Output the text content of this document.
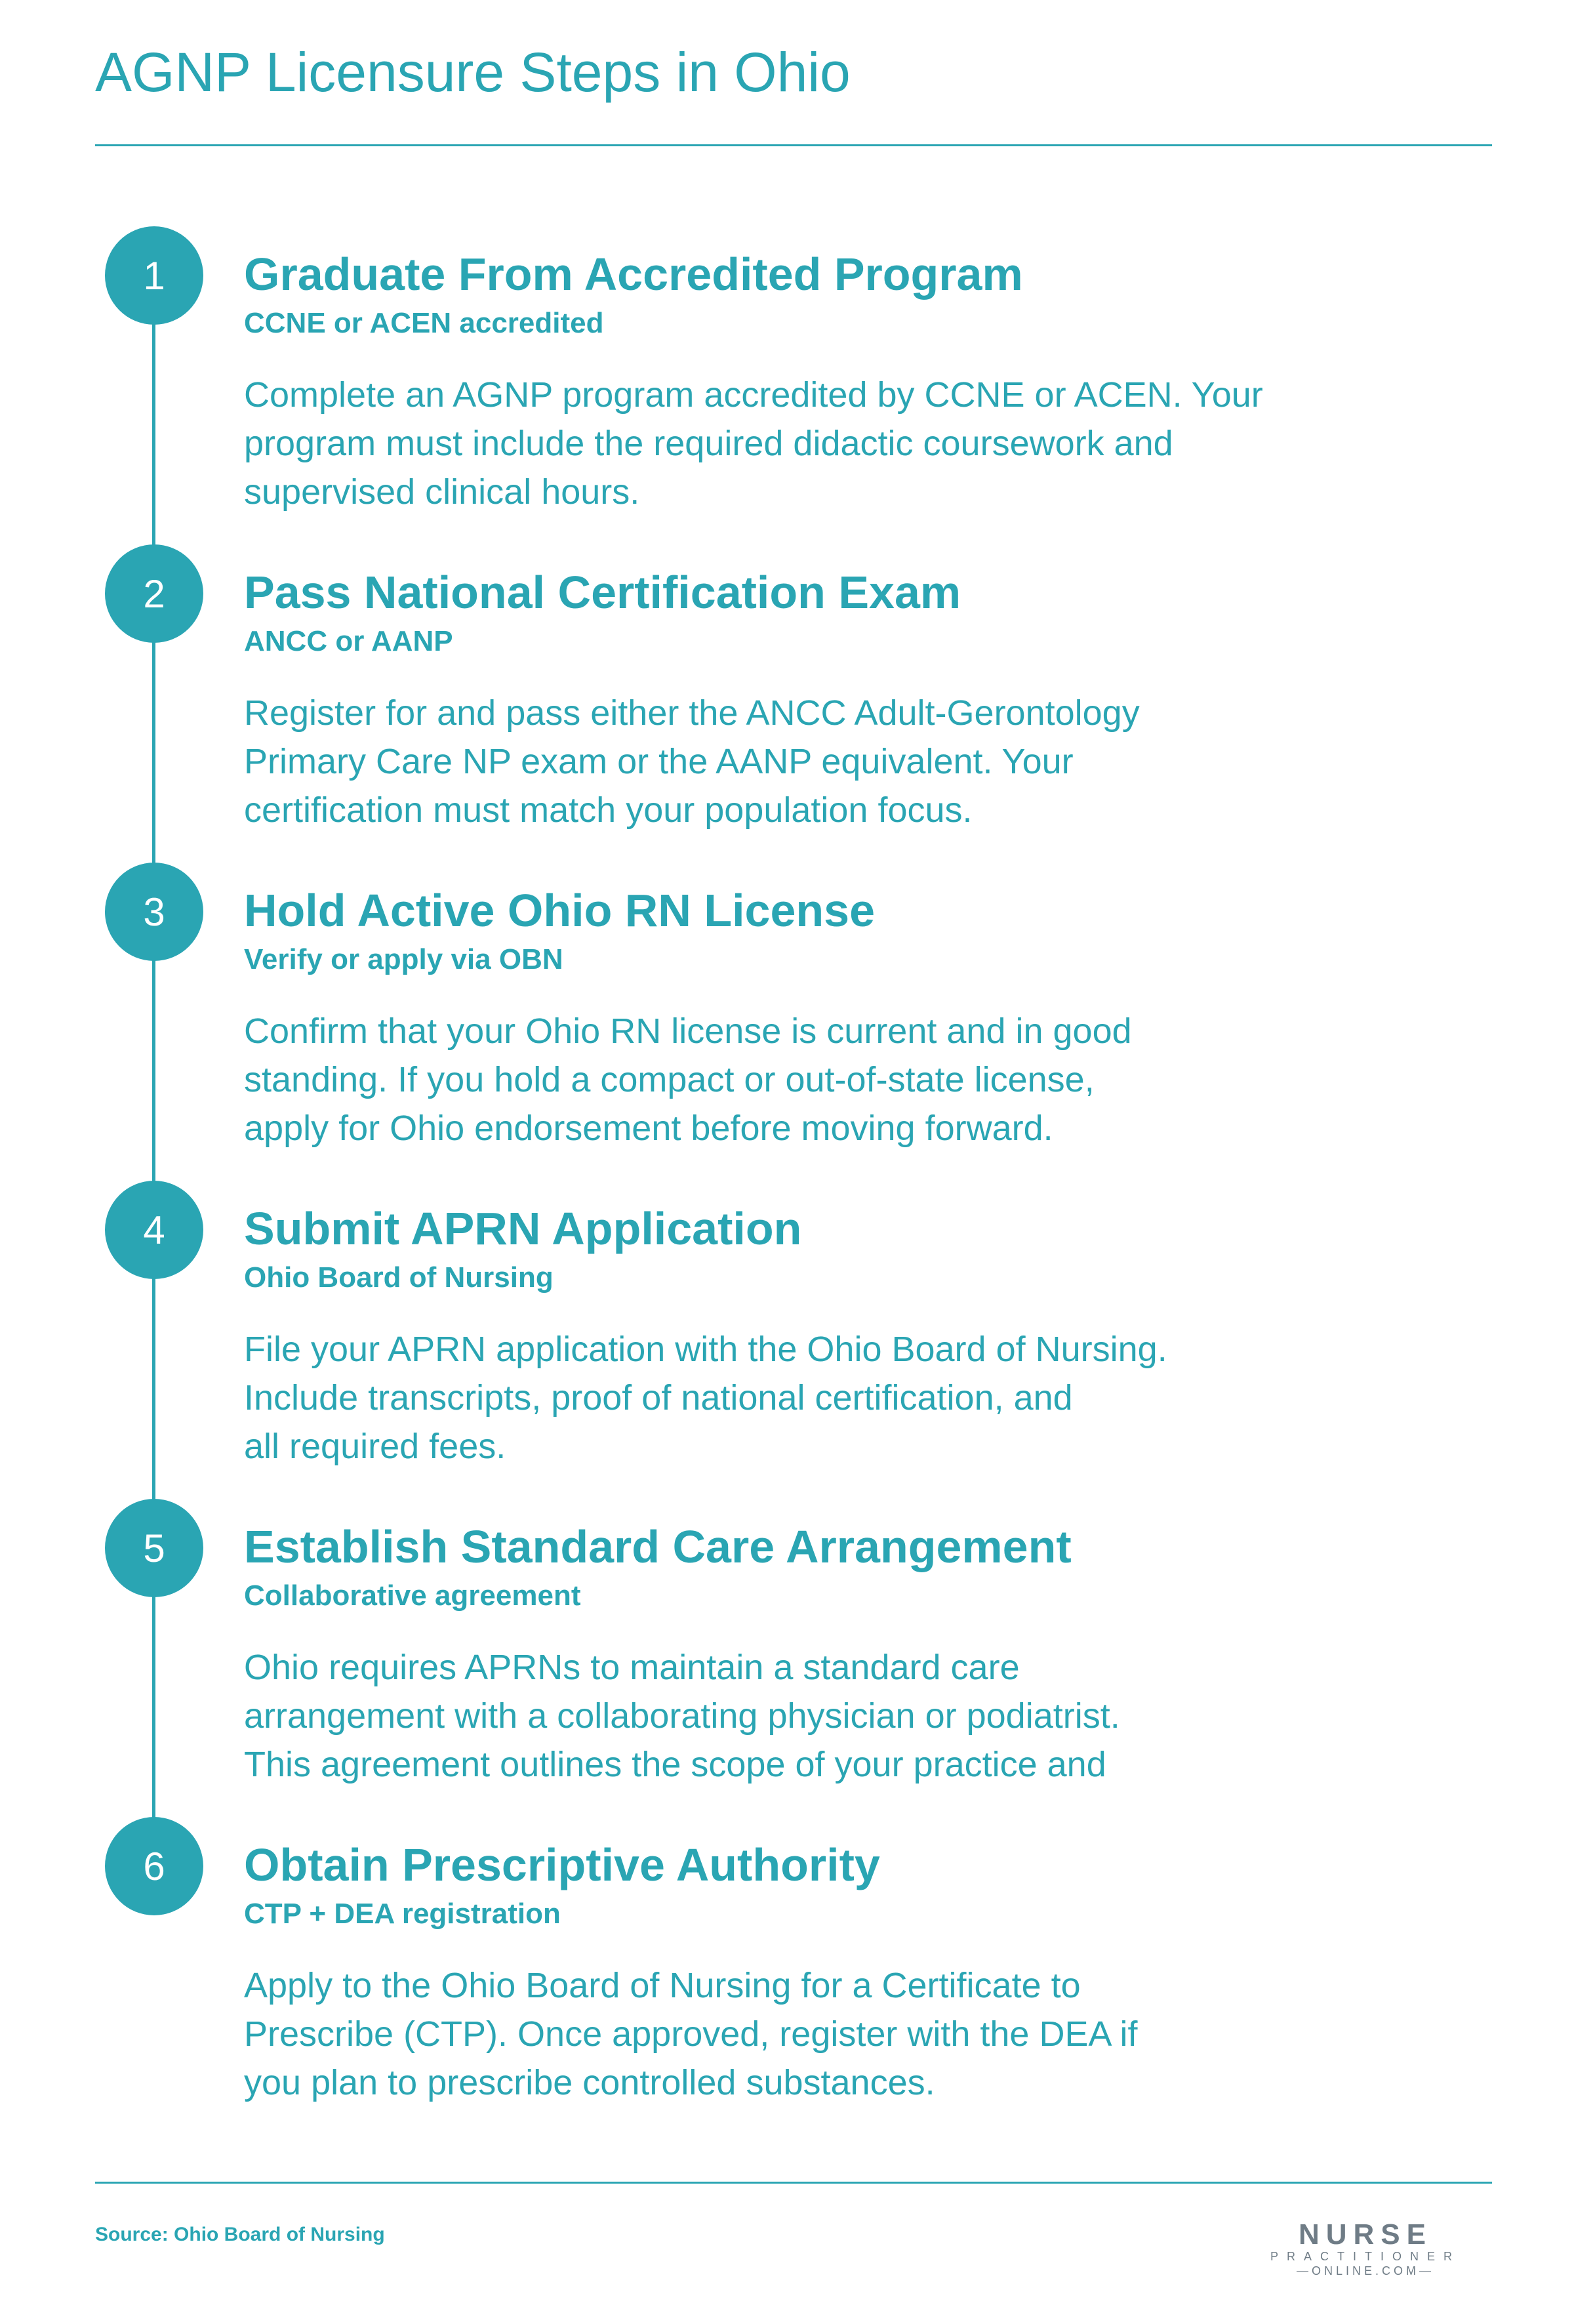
AGNP Licensure Steps in Ohio
1	Graduate From Accredited Program
CCNE or ACEN accredited
Complete an AGNP program accredited by CCNE or ACEN. Your
program must include the required didactic coursework and
supervised clinical hours.
2	Pass National Certification Exam
ANCC or AANP
Register for and pass either the ANCC Adult-Gerontology
Primary Care NP exam or the AANP equivalent. Your
certification must match your population focus.
3	Hold Active Ohio RN License
Verify or apply via OBN
Confirm that your Ohio RN license is current and in good
standing. If you hold a compact or out-of-state license,
apply for Ohio endorsement before moving forward.
4	Submit APRN Application
Ohio Board of Nursing
File your APRN application with the Ohio Board of Nursing.
Include transcripts, proof of national certification, and
all required fees.
5	Establish Standard Care Arrangement
Collaborative agreement
Ohio requires APRNs to maintain a standard care
arrangement with a collaborating physician or podiatrist.
This agreement outlines the scope of your practice and
6	Obtain Prescriptive Authority
CTP + DEA registration
Apply to the Ohio Board of Nursing for a Certificate to
Prescribe (CTP). Once approved, register with the DEA if
you plan to prescribe controlled substances.
Source: Ohio Board of Nursing	NURSE
PRACTITIONER
—ONLINE.COM—
